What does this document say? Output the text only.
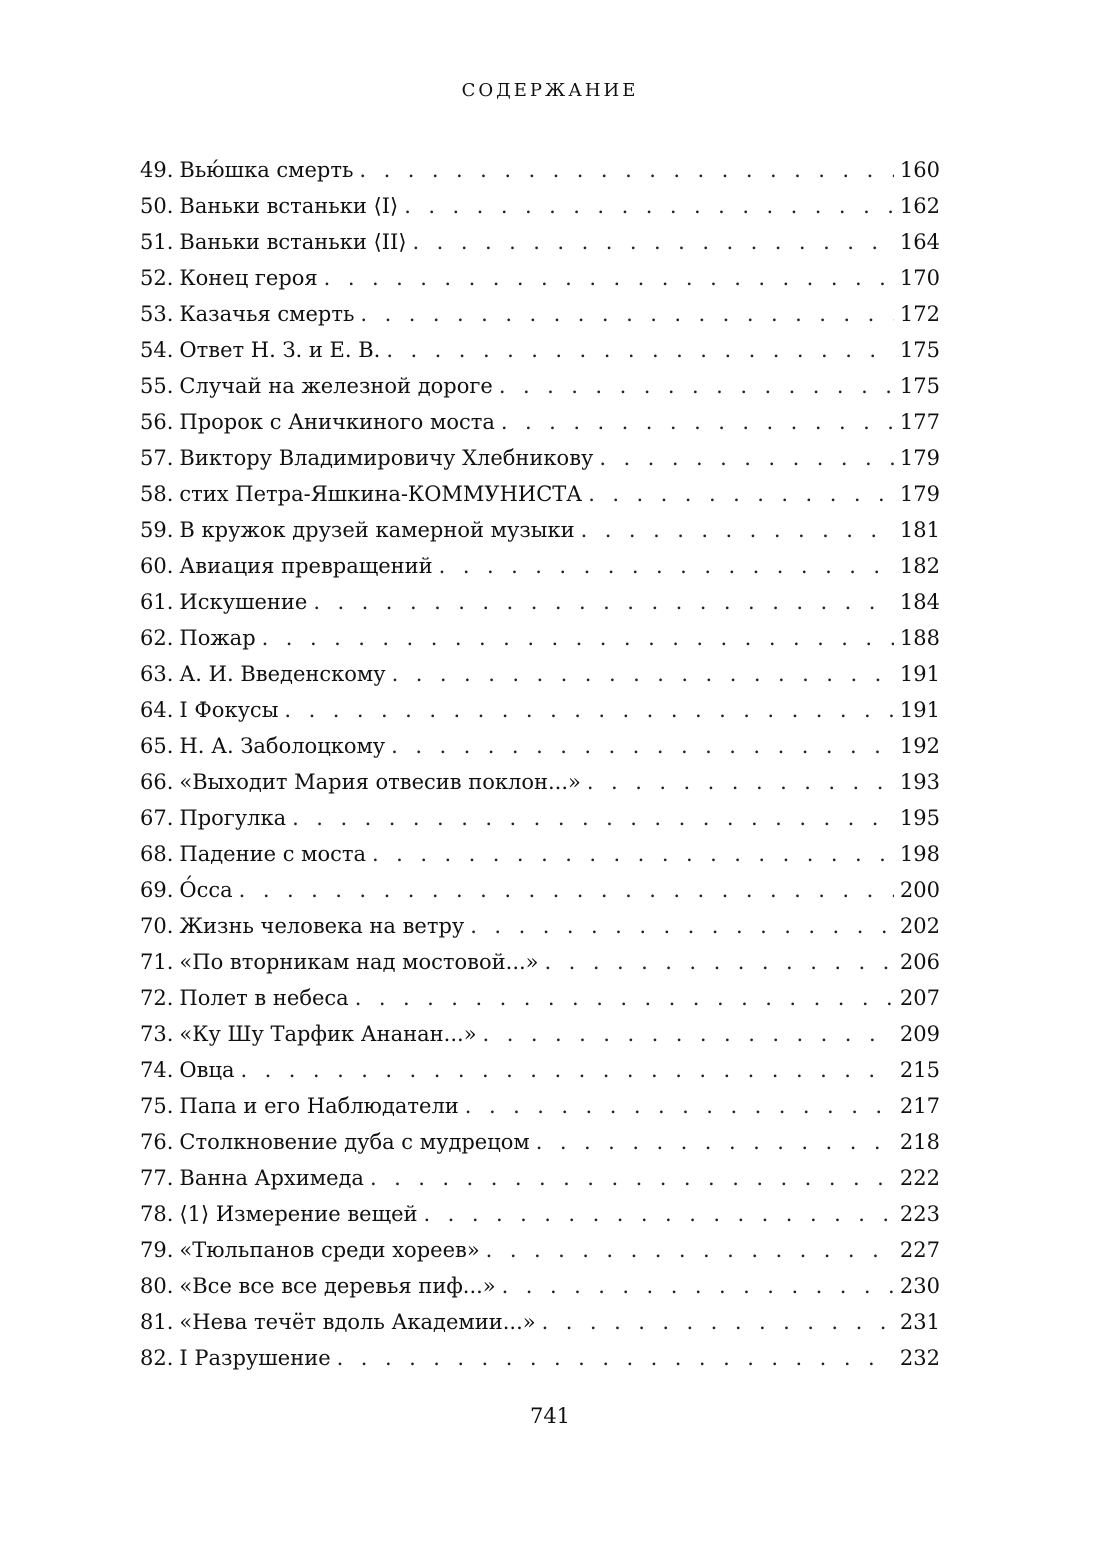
СОДЕРЖАНИЕ
49. Вью́шка смерть . . .	160
50. Ваньки встаньки ⟨I⟩ . . .	162
51. Ваньки встаньки ⟨II⟩ . . .	164
52. Конец героя . . .	170
53. Казачья смерть . . .	172
54. Ответ Н. З. и Е. В. . . .	175
55. Случай на железной дороге . . .	175
56. Пророк с Аничкиного моста . . .	177
57. Виктору Владимировичу Хлебникову . . .	179
58. стих Петра-Яшкина-КОММУНИСТА . . .	179
59. В кружок друзей камерной музыки . . .	181
60. Авиация превращений . . .	182
61. Искушение . . .	184
62. Пожар . . .	188
63. А. И. Введенскому . . .	191
64. I Фокусы . . .	191
65. Н. А. Заболоцкому . . .	192
66. «Выходит Мария отвесив поклон...» . . .	193
67. Прогулка . . .	195
68. Падение с моста . . .	198
69. О́сса . . .	200
70. Жизнь человека на ветру . . .	202
71. «По вторникам над мостовой...» . . .	206
72. Полет в небеса . . .	207
73. «Ку Шу Тарфик Ананан...» . . .	209
74. Овца . . .	215
75. Папа и его Наблюдатели . . .	217
76. Столкновение дуба с мудрецом . . .	218
77. Ванна Архимеда . . .	222
78. ⟨1⟩ Измерение вещей . . .	223
79. «Тюльпанов среди хореев» . . .	227
80. «Все все все деревья пиф...» . . .	230
81. «Нева течёт вдоль Академии...» . . .	231
82. I Разрушение . . .	232
741
